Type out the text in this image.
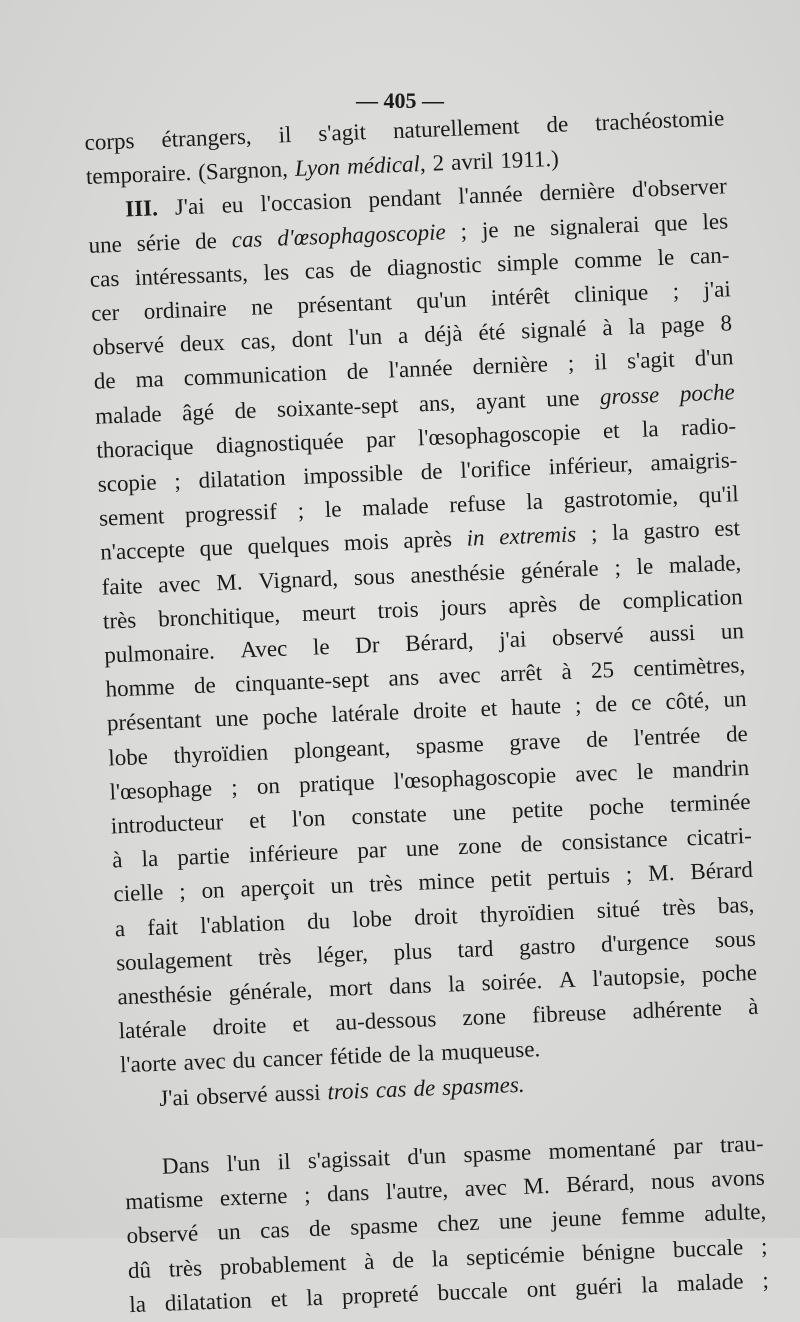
— 405 —
corps étrangers, il s'agit naturellement de trachéostomie
temporaire. (Sargnon, Lyon médical, 2 avril 1911.)
III. J'ai eu l'occasion pendant l'année dernière d'observer
une série de cas d'œsophagoscopie ; je ne signalerai que les
cas intéressants, les cas de diagnostic simple comme le can-
cer ordinaire ne présentant qu'un intérêt clinique ; j'ai
observé deux cas, dont l'un a déjà été signalé à la page 8
de ma communication de l'année dernière ; il s'agit d'un
malade âgé de soixante-sept ans, ayant une grosse poche
thoracique diagnostiquée par l'œsophagoscopie et la radio-
scopie ; dilatation impossible de l'orifice inférieur, amaigris-
sement progressif ; le malade refuse la gastrotomie, qu'il
n'accepte que quelques mois après in extremis ; la gastro est
faite avec M. Vignard, sous anesthésie générale ; le malade,
très bronchitique, meurt trois jours après de complication
pulmonaire. Avec le Dr Bérard, j'ai observé aussi un
homme de cinquante-sept ans avec arrêt à 25 centimètres,
présentant une poche latérale droite et haute ; de ce côté, un
lobe thyroïdien plongeant, spasme grave de l'entrée de
l'œsophage ; on pratique l'œsophagoscopie avec le mandrin
introducteur et l'on constate une petite poche terminée
à la partie inférieure par une zone de consistance cicatri-
cielle ; on aperçoit un très mince petit pertuis ; M. Bérard
a fait l'ablation du lobe droit thyroïdien situé très bas,
soulagement très léger, plus tard gastro d'urgence sous
anesthésie générale, mort dans la soirée. A l'autopsie, poche
latérale droite et au-dessous zone fibreuse adhérente à
l'aorte avec du cancer fétide de la muqueuse.
J'ai observé aussi trois cas de spasmes.
Dans l'un il s'agissait d'un spasme momentané par trau-
matisme externe ; dans l'autre, avec M. Bérard, nous avons
observé un cas de spasme chez une jeune femme adulte,
dû très probablement à de la septicémie bénigne buccale ;
la dilatation et la propreté buccale ont guéri la malade ;
